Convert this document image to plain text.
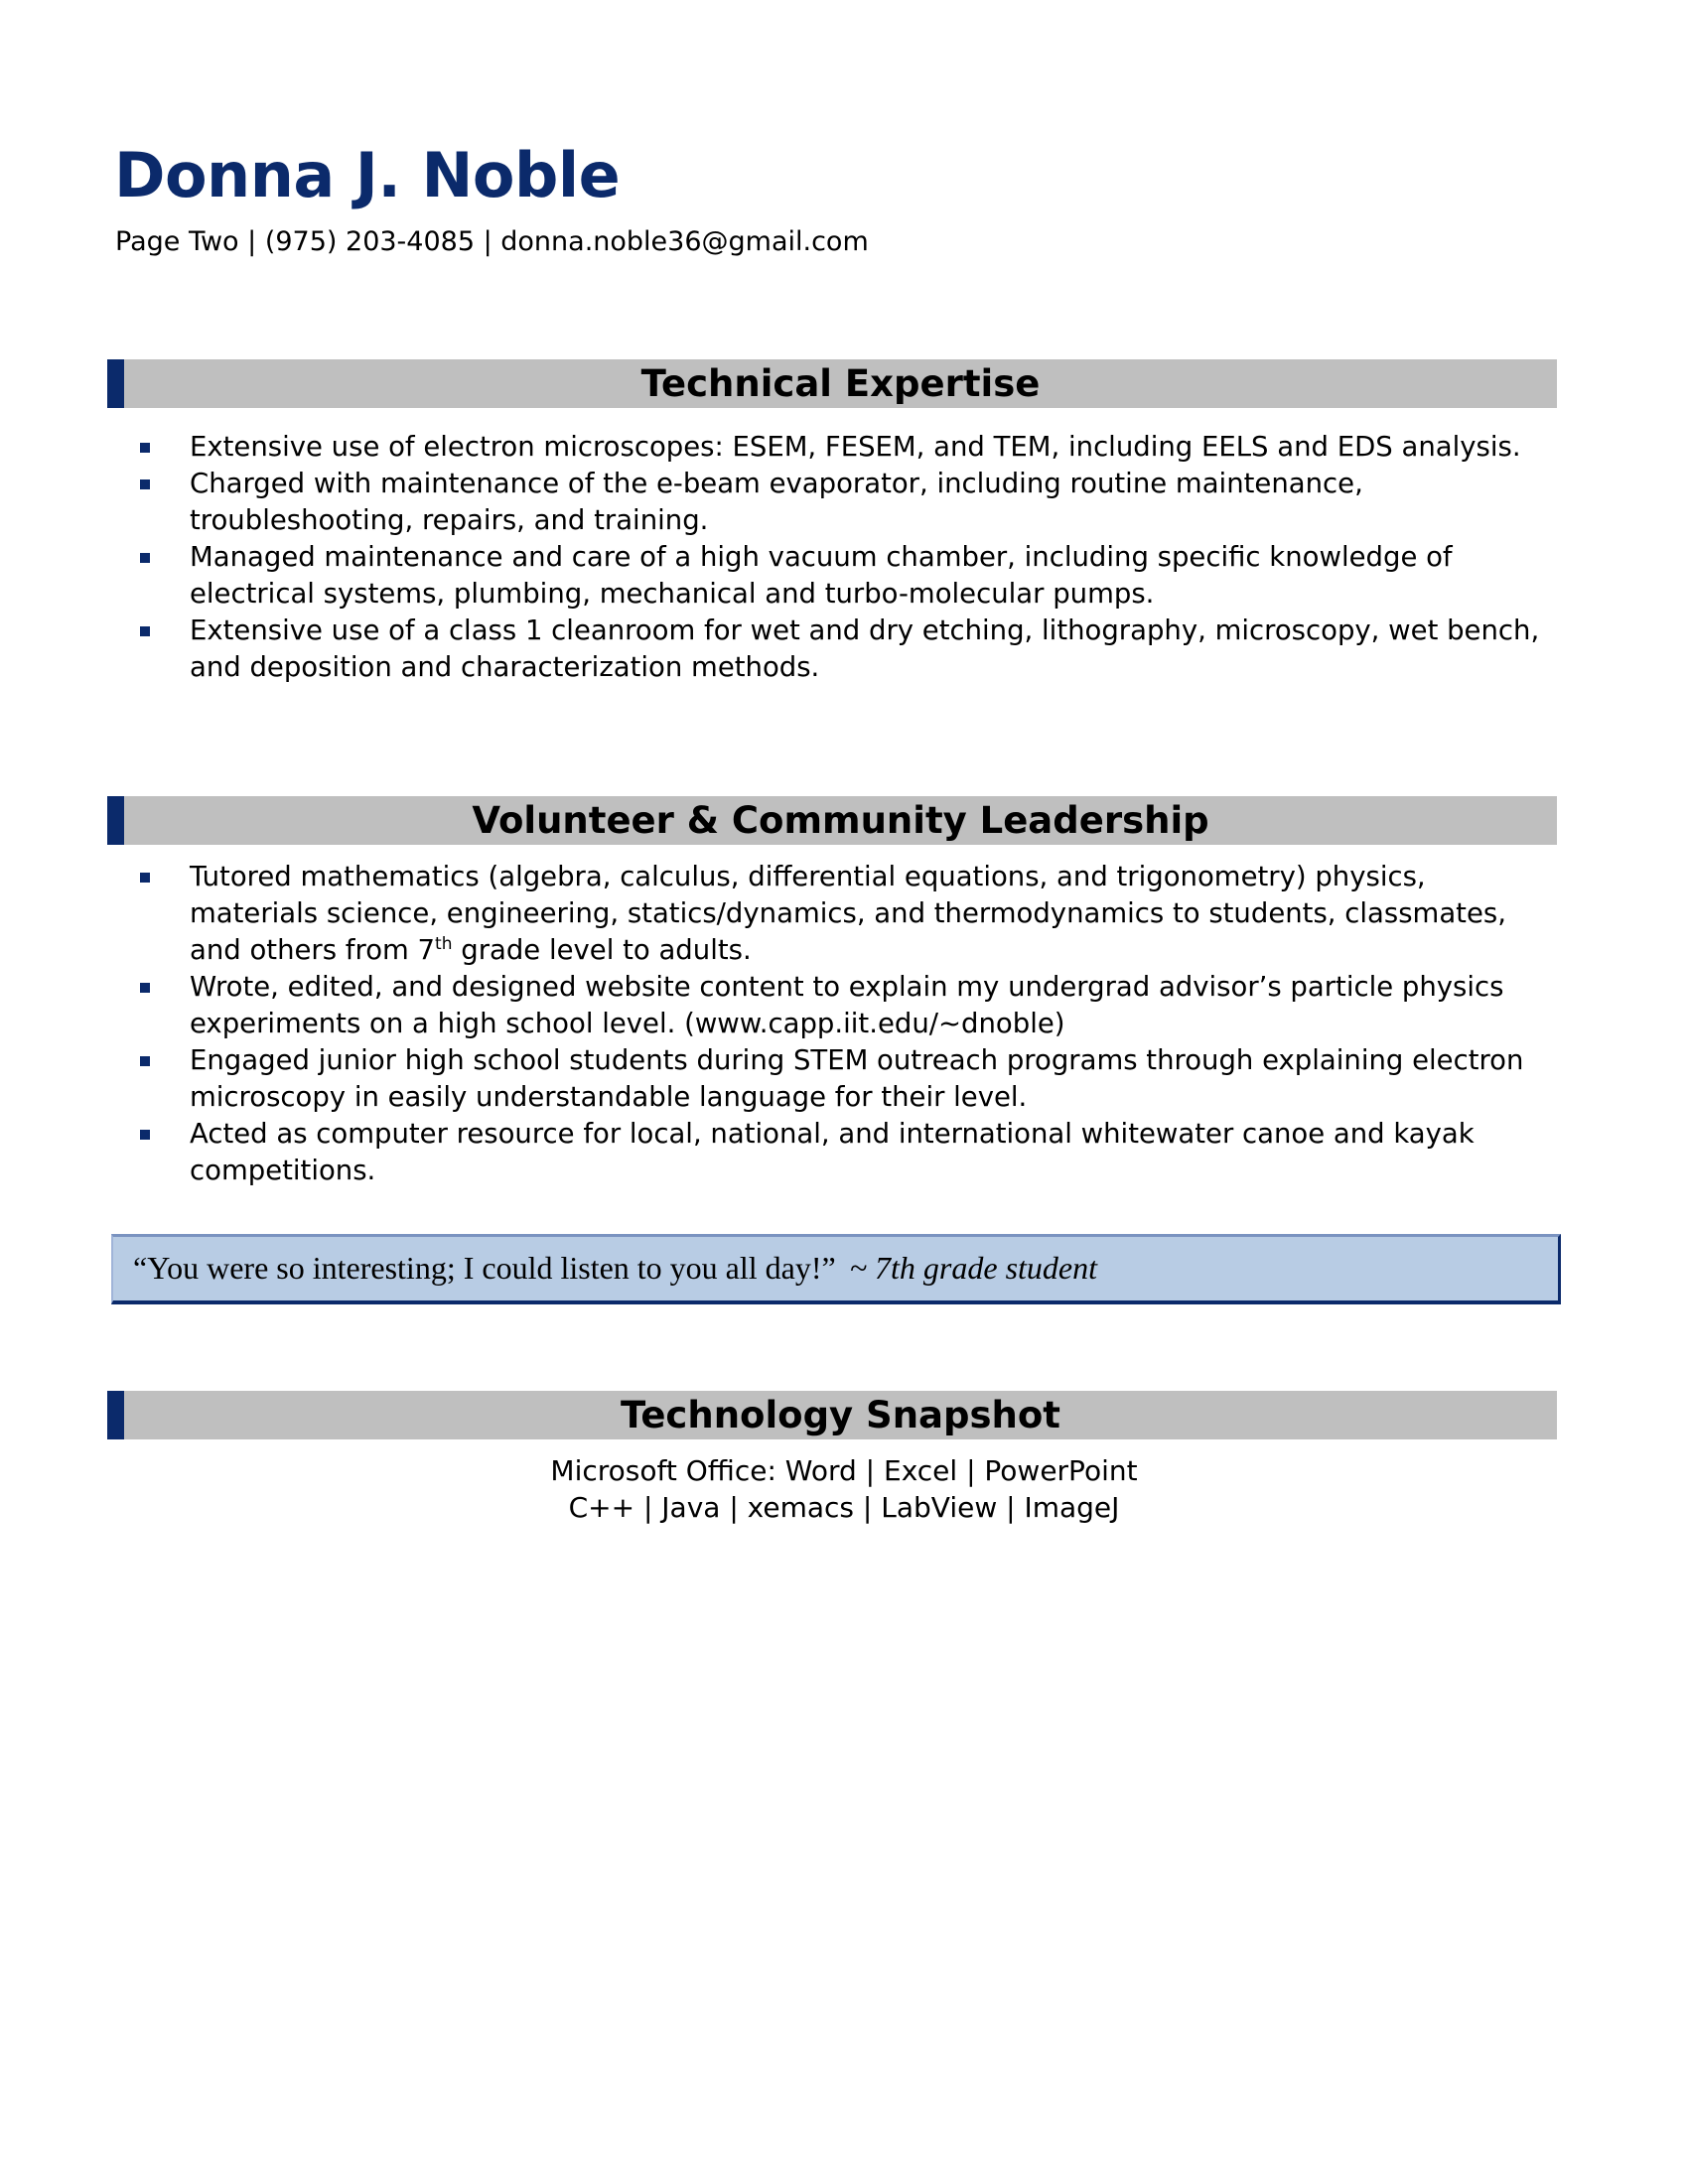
Donna J. Noble
Page Two | (975) 203-4085 | donna.noble36@gmail.com
Technical Expertise
Extensive use of electron microscopes: ESEM, FESEM, and TEM, including EELS and EDS analysis.
Charged with maintenance of the e-beam evaporator, including routine maintenance, troubleshooting, repairs, and training.
Managed maintenance and care of a high vacuum chamber, including specific knowledge of electrical systems, plumbing, mechanical and turbo-molecular pumps.
Extensive use of a class 1 cleanroom for wet and dry etching, lithography, microscopy, wet bench, and deposition and characterization methods.
Volunteer & Community Leadership
Tutored mathematics (algebra, calculus, differential equations, and trigonometry) physics, materials science, engineering, statics/dynamics, and thermodynamics to students, classmates, and others from 7th grade level to adults.
Wrote, edited, and designed website content to explain my undergrad advisor’s particle physics experiments on a high school level. (www.capp.iit.edu/~dnoble)
Engaged junior high school students during STEM outreach programs through explaining electron microscopy in easily understandable language for their level.
Acted as computer resource for local, national, and international whitewater canoe and kayak competitions.
“You were so interesting; I could listen to you all day!” ~ 7th grade student
Technology Snapshot
Microsoft Office: Word | Excel | PowerPoint
C++ | Java | xemacs | LabView | ImageJ
